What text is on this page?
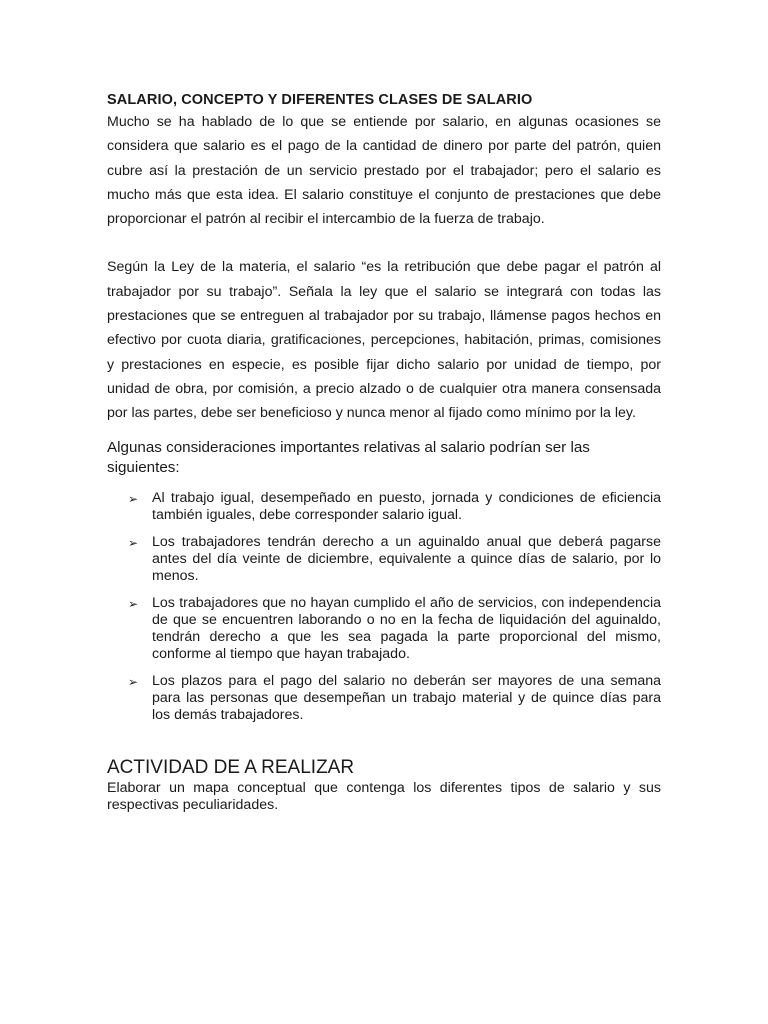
SALARIO, CONCEPTO Y DIFERENTES CLASES DE SALARIO

Mucho se ha hablado de lo que se entiende por salario, en algunas ocasiones se considera que salario es el pago de la cantidad de dinero por parte del patrón, quien cubre así la prestación de un servicio prestado por el trabajador; pero el salario es mucho más que esta idea. El salario constituye el conjunto de prestaciones que debe proporcionar el patrón al recibir el intercambio de la fuerza de trabajo.

Según la Ley de la materia, el salario “es la retribución que debe pagar el patrón al trabajador por su trabajo”. Señala la ley que el salario se integrará con todas las prestaciones que se entreguen al trabajador por su trabajo, llámense pagos hechos en efectivo por cuota diaria, gratificaciones, percepciones, habitación, primas, comisiones y prestaciones en especie, es posible fijar dicho salario por unidad de tiempo, por unidad de obra, por comisión, a precio alzado o de cualquier otra manera consensada por las partes, debe ser beneficioso y nunca menor al fijado como mínimo por la ley.

Algunas consideraciones importantes relativas al salario podrían ser las siguientes:

➢ Al trabajo igual, desempeñado en puesto, jornada y condiciones de eficiencia también iguales, debe corresponder salario igual.
➢ Los trabajadores tendrán derecho a un aguinaldo anual que deberá pagarse antes del día veinte de diciembre, equivalente a quince días de salario, por lo menos.
➢ Los trabajadores que no hayan cumplido el año de servicios, con independencia de que se encuentren laborando o no en la fecha de liquidación del aguinaldo, tendrán derecho a que les sea pagada la parte proporcional del mismo, conforme al tiempo que hayan trabajado.
➢ Los plazos para el pago del salario no deberán ser mayores de una semana para las personas que desempeñan un trabajo material y de quince días para los demás trabajadores.
ACTIVIDAD DE A REALIZAR

Elaborar un mapa conceptual que contenga los diferentes tipos de salario y sus respectivas peculiaridades.
